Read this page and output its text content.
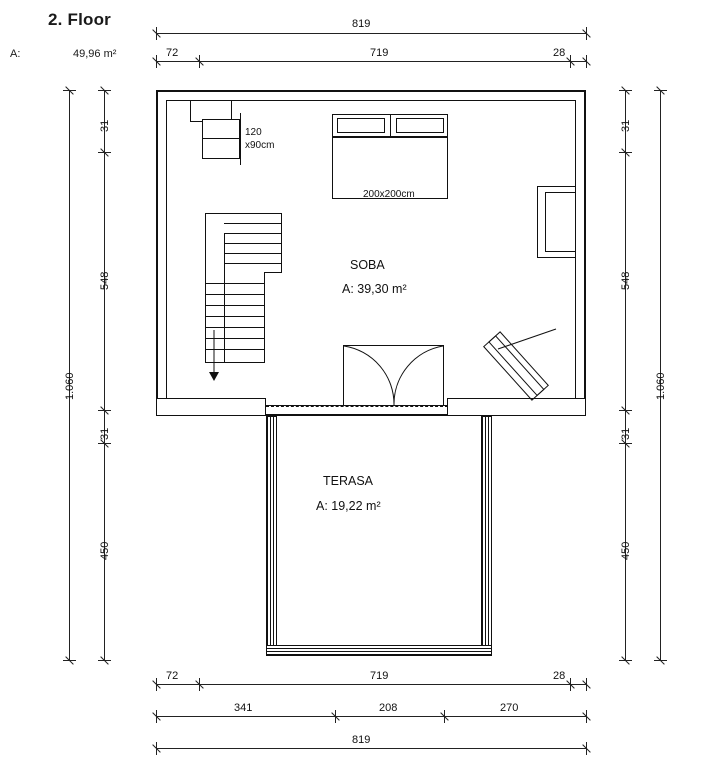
2. Floor
A:	49,96 m²
819
72	719	28
31
548
31
450
1.060
31
548
31
450
1.060
120
x90cm
200x200cm
SOBA
A: 39,30 m²
TERASA
A: 19,22 m²
72	719	28
341	208	270
819
